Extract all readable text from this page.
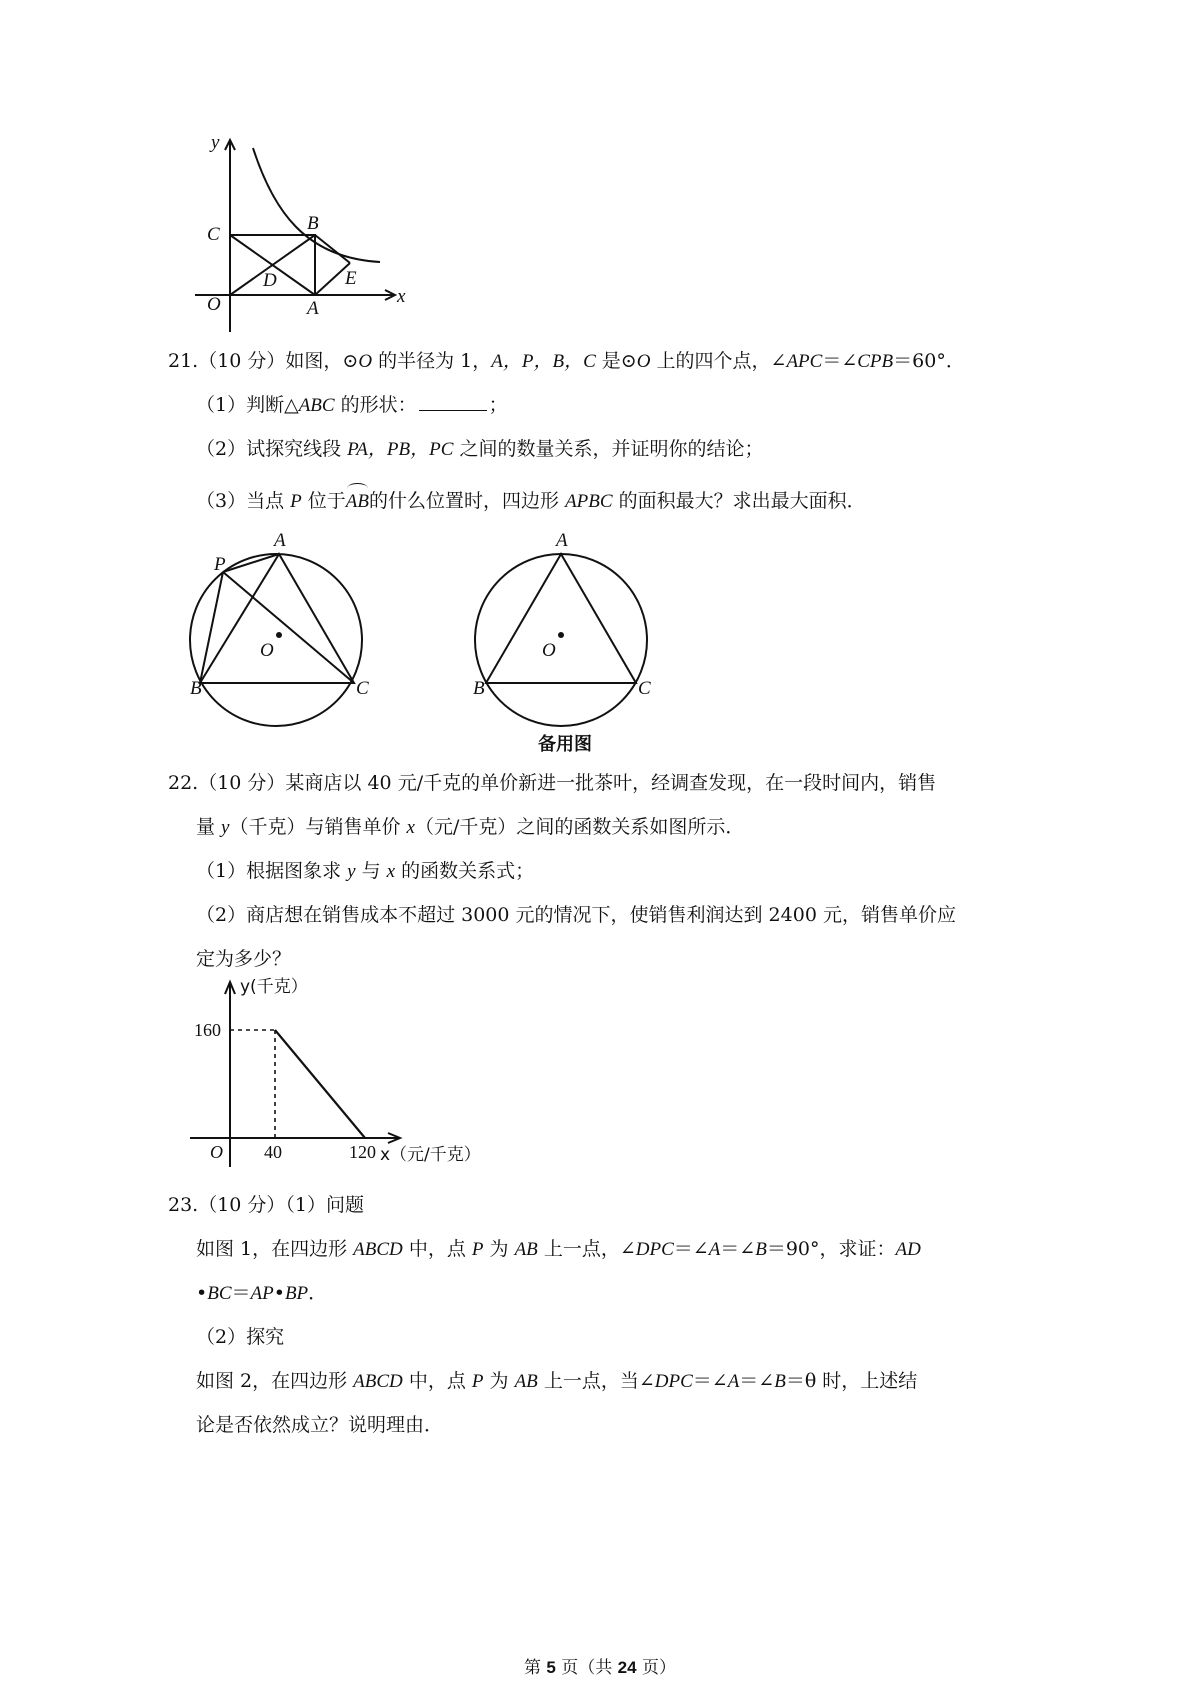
y
x
O	A
B
C
D	E
21.（10 分）如图，⊙O 的半径为 1，A，P，B，C 是⊙O 上的四个点，∠APC＝∠CPB＝60°．
（1）判断△ABC 的形状：	；
（2）试探究线段 PA，PB，PC 之间的数量关系，并证明你的结论；
（3）当点 P 位于AB的什么位置时，四边形 APBC 的面积最大？求出最大面积．
P
A
B	C
O
A
B	C
O
备用图
22.（10 分）某商店以 40 元/千克的单价新进一批茶叶，经调查发现，在一段时间内，销售
量 y（千克）与销售单价 x（元/千克）之间的函数关系如图所示．
（1）根据图象求 y 与 x 的函数关系式；
（2）商店想在销售成本不超过 3000 元的情况下，使销售利润达到 2400 元，销售单价应
定为多少？
160
40	120
O
y(千克）
x（元/千克）
23.（10 分）（1）问题
如图 1，在四边形 ABCD 中，点 P 为 AB 上一点，∠DPC＝∠A＝∠B＝90°，求证：AD
•BC＝AP•BP．
（2）探究
如图 2，在四边形 ABCD 中，点 P 为 AB 上一点，当∠DPC＝∠A＝∠B＝θ 时，上述结
论是否依然成立？说明理由．
第 5 页（共 24 页）
